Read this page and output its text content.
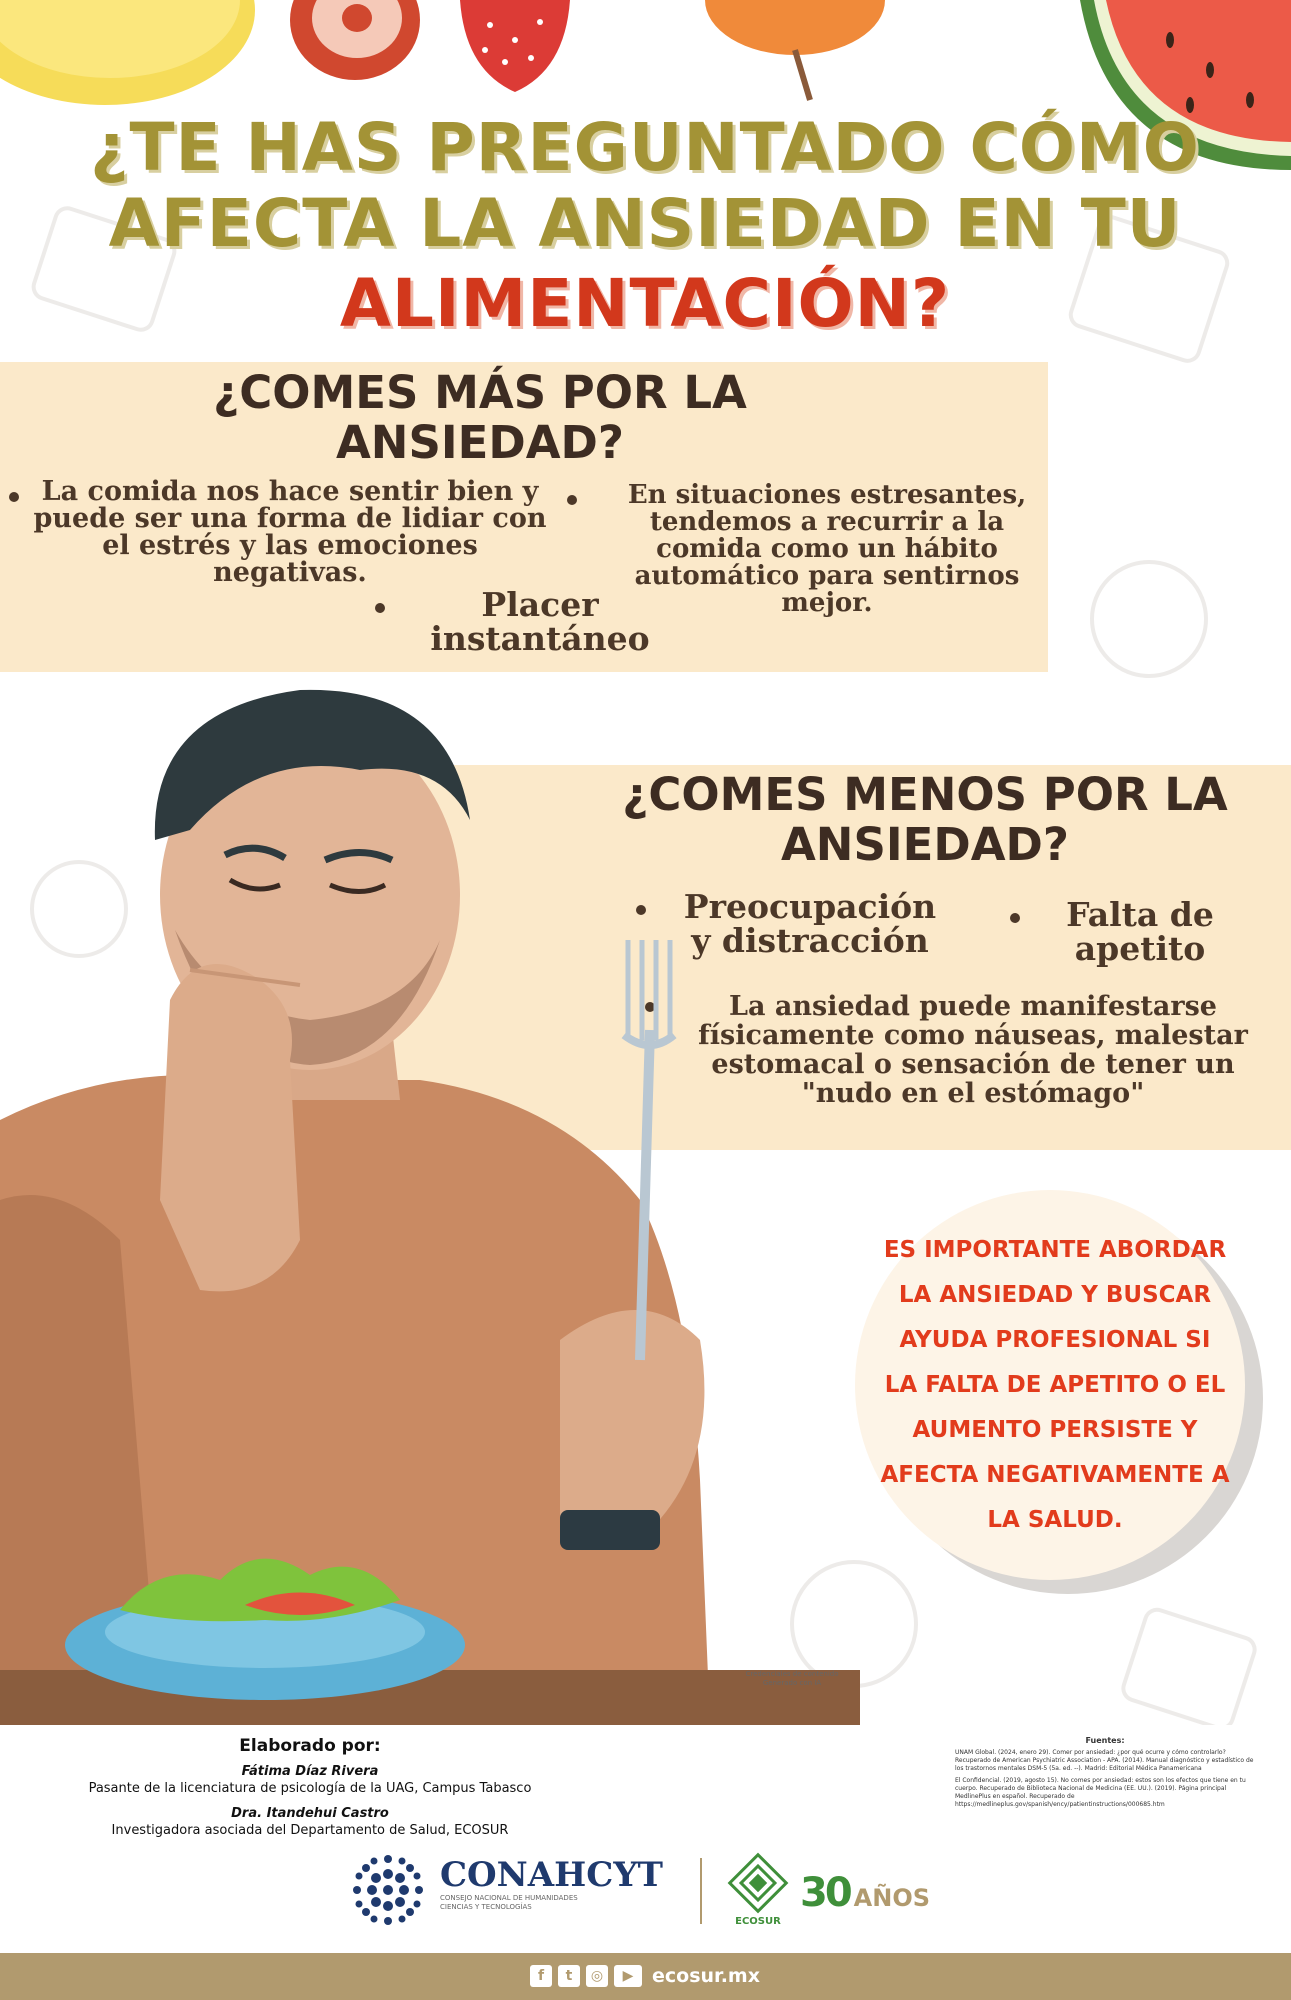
¿TE HAS PREGUNTADO CÓMO
AFECTA LA ANSIEDAD EN TU
ALIMENTACIÓN?
¿COMES MÁS POR LA ANSIEDAD?
La comida nos hace sentir bien y puede ser una forma de lidiar con el estrés y las emociones negativas.
En situaciones estresantes, tendemos a recurrir a la comida como un hábito automático para sentirnos mejor.
Placer instantáneo
¿COMES MENOS POR LA ANSIEDAD?
Preocupación y distracción
Falta de apetito
La ansiedad puede manifestarse físicamente como náuseas, malestar estomacal o sensación de tener un "nudo en el estómago"
Credenciales de contenido
Generado con IA
ES IMPORTANTE ABORDAR LA ANSIEDAD Y BUSCAR AYUDA PROFESIONAL SI LA FALTA DE APETITO O EL AUMENTO PERSISTE Y AFECTA NEGATIVAMENTE A LA SALUD.
Elaborado por:
Fátima Díaz Rivera
Pasante de la licenciatura de psicología de la UAG, Campus Tabasco
Dra. Itandehui Castro
Investigadora asociada del Departamento de Salud, ECOSUR
Fuentes:
UNAM Global. (2024, enero 29). Comer por ansiedad: ¿por qué ocurre y cómo controlarlo? Recuperado de American Psychiatric Association - APA. (2014). Manual diagnóstico y estadístico de los trastornos mentales DSM-5 (5a. ed. --). Madrid: Editorial Médica Panamericana
El Confidencial. (2019, agosto 15). No comes por ansiedad: estos son los efectos que tiene en tu cuerpo. Recuperado de Biblioteca Nacional de Medicina (EE. UU.). (2019). Página principal MedlinePlus en español. Recuperado de https://medlineplus.gov/spanish/ency/patientinstructions/000685.htm
CONAHCYT
CONSEJO NACIONAL DE HUMANIDADES
CIENCIAS Y TECNOLOGÍAS
ECOSUR
30 AÑOS
f	t	◎	▶ ecosur.mx
